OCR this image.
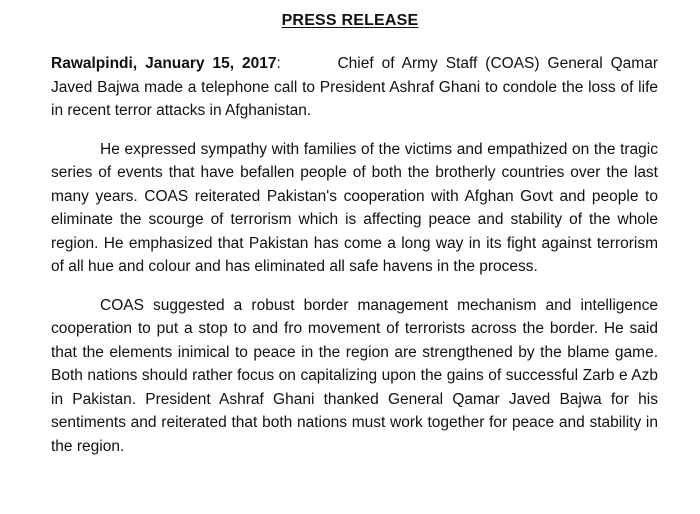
PRESS RELEASE

Rawalpindi, January 15, 2017:	Chief of Army Staff (COAS) General Qamar Javed Bajwa made a telephone call to President Ashraf Ghani to condole the loss of life in recent terror attacks in Afghanistan.

He expressed sympathy with families of the victims and empathized on the tragic series of events that have befallen people of both the brotherly countries over the last many years. COAS reiterated Pakistan's cooperation with Afghan Govt and people to eliminate the scourge of terrorism which is affecting peace and stability of the whole region. He emphasized that Pakistan has come a long way in its fight against terrorism of all hue and colour and has eliminated all safe havens in the process.

COAS suggested a robust border management mechanism and intelligence cooperation to put a stop to and fro movement of terrorists across the border. He said that the elements inimical to peace in the region are strengthened by the blame game. Both nations should rather focus on capitalizing upon the gains of successful Zarb e Azb in Pakistan. President Ashraf Ghani thanked General Qamar Javed Bajwa for his sentiments and reiterated that both nations must work together for peace and stability in the region.
